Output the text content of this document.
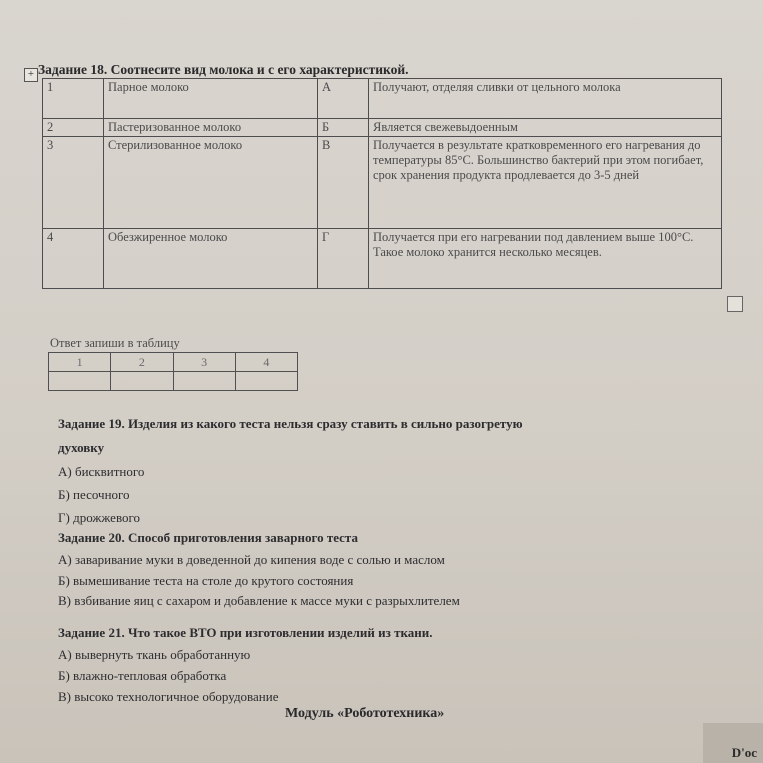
+ Задание 18. Соотнесите вид молока и с его характеристикой.
1	Парное молоко	А	Получают, отделяя сливки от цельного молока
2	Пастеризованное молоко	Б	Является свежевыдоенным
3	Стерилизованное молоко	В	Получается в результате кратковременного его нагревания до температуры 85°С. Большинство бактерий при этом погибает, срок хранения продукта продлевается до 3-5 дней
4	Обезжиренное молоко	Г	Получается при его нагревании под давлением выше 100°С. Такое молоко хранится несколько месяцев.
Ответ запиши в таблицу
1	2	3	4

Задание 19. Изделия из какого теста нельзя сразу ставить в сильно разогретую
духовку
А) бисквитного
Б) песочного
Г) дрожжевого
Задание 20. Способ приготовления заварного теста
А) заваривание муки в доведенной до кипения воде с солью и маслом
Б) вымешивание теста на столе до крутого состояния
В) взбивание яиц с сахаром и добавление к массе муки с разрыхлителем
Задание 21. Что такое ВТО при изготовлении изделий из ткани.
А) вывернуть ткань обработанную
Б) влажно-тепловая обработка
В) высоко технологичное оборудование
Модуль «Робототехника»
D'ос
